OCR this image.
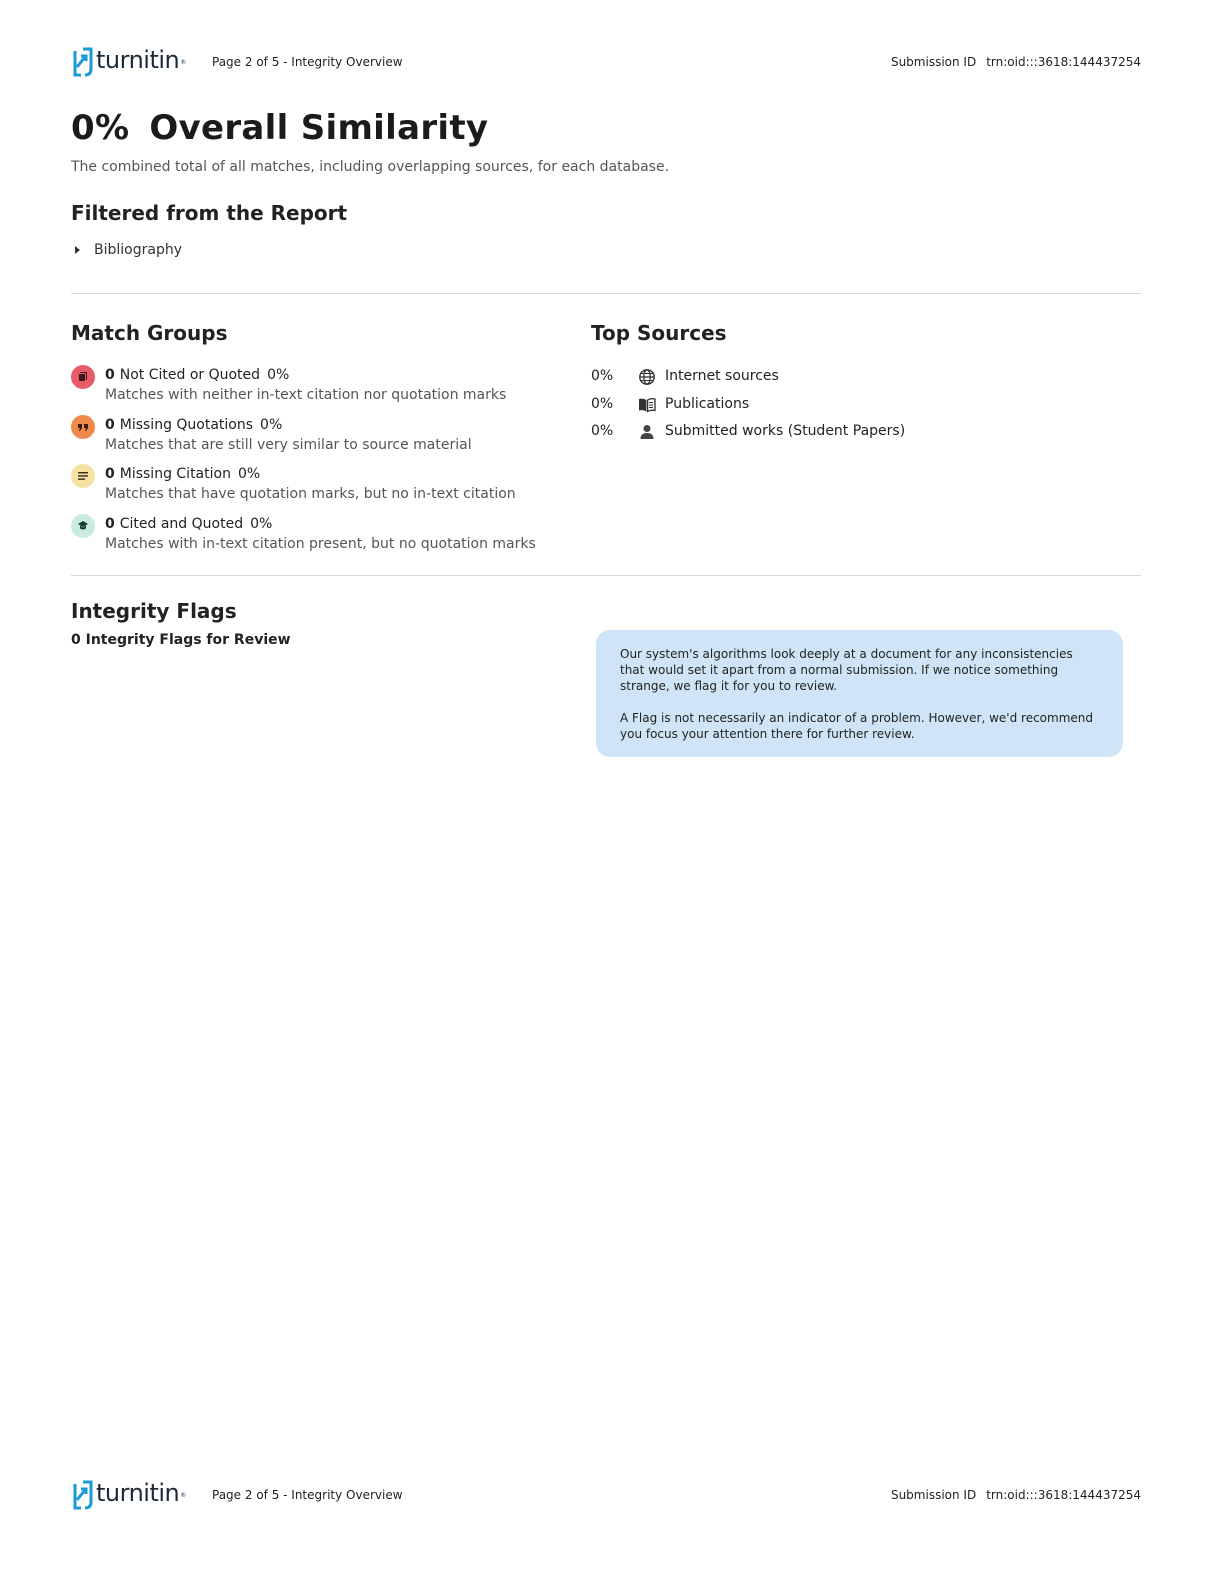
turnitin ® Page 2 of 5 - Integrity Overview	Submission ID trn:oid:::3618:144437254
0% Overall Similarity
The combined total of all matches, including overlapping sources, for each database.
Filtered from the Report
Bibliography
Match Groups
0 Not Cited or Quoted 0%
Matches with neither in-text citation nor quotation marks
0 Missing Quotations 0%
Matches that are still very similar to source material
0 Missing Citation 0%
Matches that have quotation marks, but no in-text citation
0 Cited and Quoted 0%
Matches with in-text citation present, but no quotation marks
Top Sources
0%	Internet sources
0%	Publications
0%	Submitted works (Student Papers)
Integrity Flags
0 Integrity Flags for Review

Our system's algorithms look deeply at a document for any inconsistencies that would set it apart from a normal submission. If we notice something strange, we flag it for you to review.

A Flag is not necessarily an indicator of a problem. However, we'd recommend you focus your attention there for further review.

turnitin ® Page 2 of 5 - Integrity Overview	Submission ID trn:oid:::3618:144437254
